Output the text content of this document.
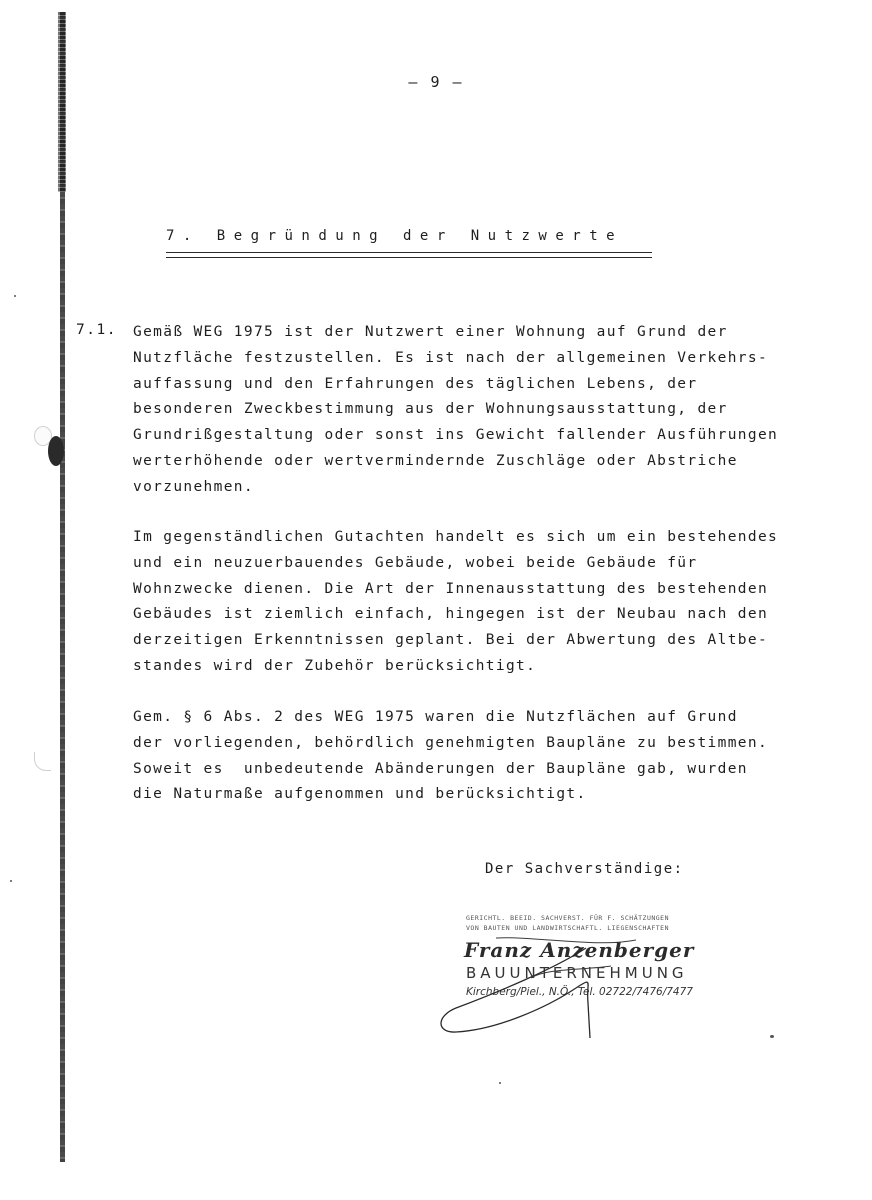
— 9 —
7. Begründung der Nutzwerte
7.1. Gemäß WEG 1975 ist der Nutzwert einer Wohnung auf Grund der
Nutzfläche festzustellen. Es ist nach der allgemeinen Verkehrs-
auffassung und den Erfahrungen des täglichen Lebens, der
besonderen Zweckbestimmung aus der Wohnungsausstattung, der
Grundrißgestaltung oder sonst ins Gewicht fallender Ausführungen
werterhöhende oder wertvermindernde Zuschläge oder Abstriche
vorzunehmen.
Im gegenständlichen Gutachten handelt es sich um ein bestehendes
und ein neuzuerbauendes Gebäude, wobei beide Gebäude für
Wohnzwecke dienen. Die Art der Innenausstattung des bestehenden
Gebäudes ist ziemlich einfach, hingegen ist der Neubau nach den
derzeitigen Erkenntnissen geplant. Bei der Abwertung des Altbe-
standes wird der Zubehör berücksichtigt.
Gem. § 6 Abs. 2 des WEG 1975 waren die Nutzflächen auf Grund
der vorliegenden, behördlich genehmigten Baupläne zu bestimmen.
Soweit es  unbedeutende Abänderungen der Baupläne gab, wurden
die Naturmaße aufgenommen und berücksichtigt.
Der Sachverständige:
GERICHTL. BEEID. SACHVERST. FÜR F. SCHÄTZUNGEN
VON BAUTEN UND LANDWIRTSCHAFTL. LIEGENSCHAFTEN
Franz Anzenberger
BAUUNTERNEHMUNG
Kirchberg/Piel., N.Ö., Tel. 02722/7476/7477
